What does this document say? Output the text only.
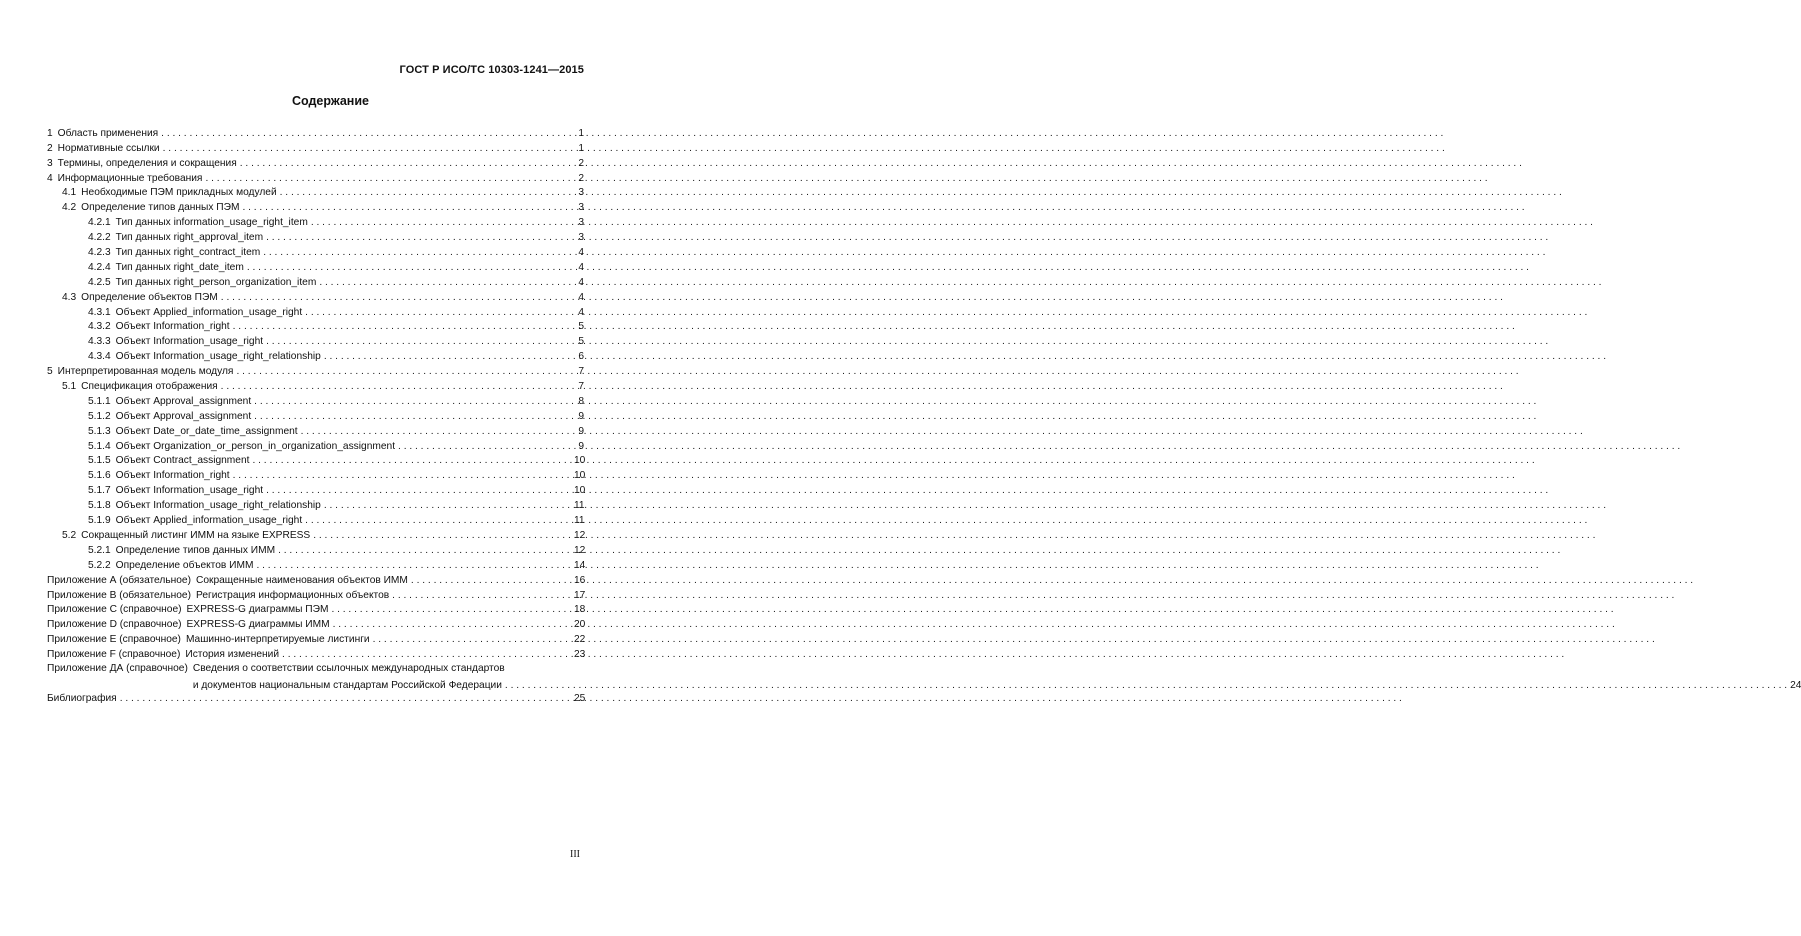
ГОСТ Р ИСО/ТС 10303-1241—2015
Содержание
1 Область применения . . .	1
2 Нормативные ссылки . . .	1
3 Термины, определения и сокращения . . .	2
4 Информационные требования . . .	2
4.1 Необходимые ПЭМ прикладных модулей . . .	3
4.2 Определение типов данных ПЭМ . . .	3
4.2.1 Тип данных information_usage_right_item . . .	3
4.2.2 Тип данных right_approval_item . . .	3
4.2.3 Тип данных right_contract_item . . .	4
4.2.4 Тип данных right_date_item . . .	4
4.2.5 Тип данных right_person_organization_item . . .	4
4.3 Определение объектов ПЭМ . . .	4
4.3.1 Объект Applied_information_usage_right . . .	4
4.3.2 Объект Information_right . . .	5
4.3.3 Объект Information_usage_right . . .	5
4.3.4 Объект Information_usage_right_relationship . . .	6
5 Интерпретированная модель модуля . . .	7
5.1 Спецификация отображения . . .	7
5.1.1 Объект Approval_assignment . . .	8
5.1.2 Объект Approval_assignment . . .	9
5.1.3 Объект Date_or_date_time_assignment . . .	9
5.1.4 Объект Organization_or_person_in_organization_assignment . . .	9
5.1.5 Объект Contract_assignment . . .	10
5.1.6 Объект Information_right . . .	10
5.1.7 Объект Information_usage_right . . .	10
5.1.8 Объект Information_usage_right_relationship . . .	11
5.1.9 Объект Applied_information_usage_right . . .	11
5.2 Сокращенный листинг ИММ на языке EXPRESS . . .	12
5.2.1 Определение типов данных ИММ . . .	12
5.2.2 Определение объектов ИММ . . .	14
Приложение А (обязательное) Сокращенные наименования объектов ИММ . . .	16
Приложение В (обязательное) Регистрация информационных объектов . . .	17
Приложение С (справочное) EXPRESS-G диаграммы ПЭМ . . .	18
Приложение D (справочное) EXPRESS-G диаграммы ИММ . . .	20
Приложение Е (справочное) Машинно-интерпретируемые листинги . . .	22
Приложение F (справочное) История изменений . . .	23
Приложение ДА (справочное) Сведения о соответствии ссылочных международных стандартов
и документов национальным стандартам Российской Федерации . . .	24
Библиография . . .	25
III
